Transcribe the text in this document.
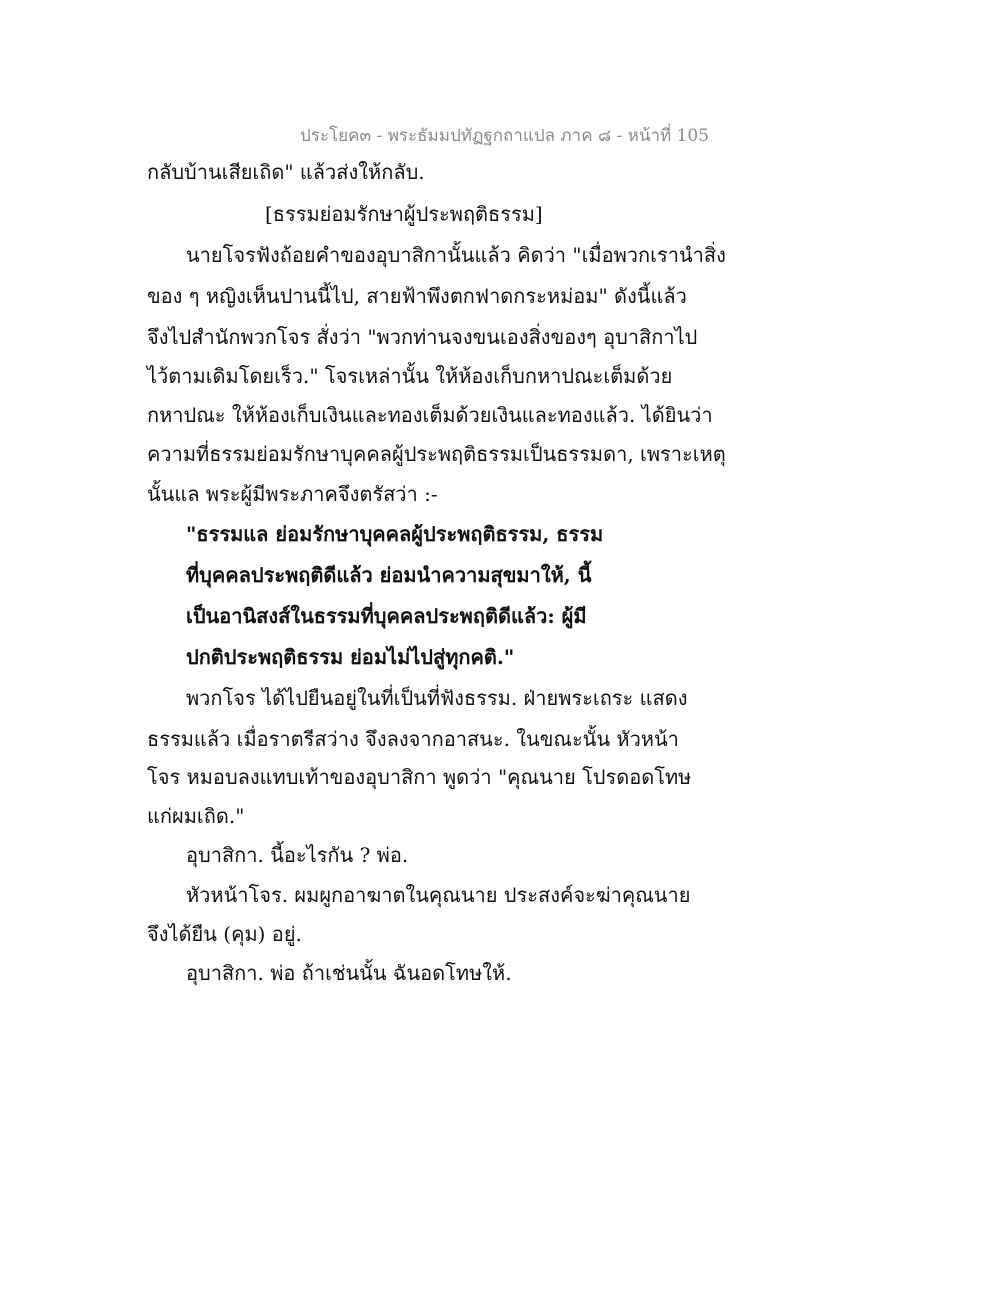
ประโยค๓ - พระธัมมปทัฏฐกถาแปล ภาค ๘ - หน้าที่ 105
กลับบ้านเสียเถิด" แล้วส่งให้กลับ.
[ธรรมย่อมรักษาผู้ประพฤติธรรม]
นายโจรฟังถ้อยคำของอุบาสิกานั้นแล้ว คิดว่า "เมื่อพวกเรานำสิ่ง
ของ ๆ หญิงเห็นปานนี้ไป, สายฟ้าพึงตกฟาดกระหม่อม" ดังนี้แล้ว
จึงไปสำนักพวกโจร สั่งว่า "พวกท่านจงขนเองสิ่งของๆ อุบาสิกาไป
ไว้ตามเดิมโดยเร็ว." โจรเหล่านั้น ให้ห้องเก็บกหาปณะเต็มด้วย
กหาปณะ ให้ห้องเก็บเงินและทองเต็มด้วยเงินและทองแล้ว. ได้ยินว่า
ความที่ธรรมย่อมรักษาบุคคลผู้ประพฤติธรรมเป็นธรรมดา, เพราะเหตุ
นั้นแล พระผู้มีพระภาคจึงตรัสว่า :-
"ธรรมแล ย่อมรักษาบุคคลผู้ประพฤติธรรม, ธรรม
ที่บุคคลประพฤติดีแล้ว ย่อมนำความสุขมาให้, นี้
เป็นอานิสงส์ในธรรมที่บุคคลประพฤติดีแล้ว: ผู้มี
ปกติประพฤติธรรม ย่อมไม่ไปสู่ทุกคติ."
พวกโจร ได้ไปยืนอยู่ในที่เป็นที่ฟังธรรม. ฝ่ายพระเถระ แสดง
ธรรมแล้ว เมื่อราตรีสว่าง จึงลงจากอาสนะ. ในขณะนั้น หัวหน้า
โจร หมอบลงแทบเท้าของอุบาสิกา พูดว่า "คุณนาย โปรดอดโทษ
แก่ผมเถิด."
อุบาสิกา. นี้อะไรกัน ? พ่อ.
หัวหน้าโจร. ผมผูกอาฆาตในคุณนาย ประสงค์จะฆ่าคุณนาย
จึงได้ยืน (คุม) อยู่.
อุบาสิกา. พ่อ ถ้าเช่นนั้น ฉันอดโทษให้.
